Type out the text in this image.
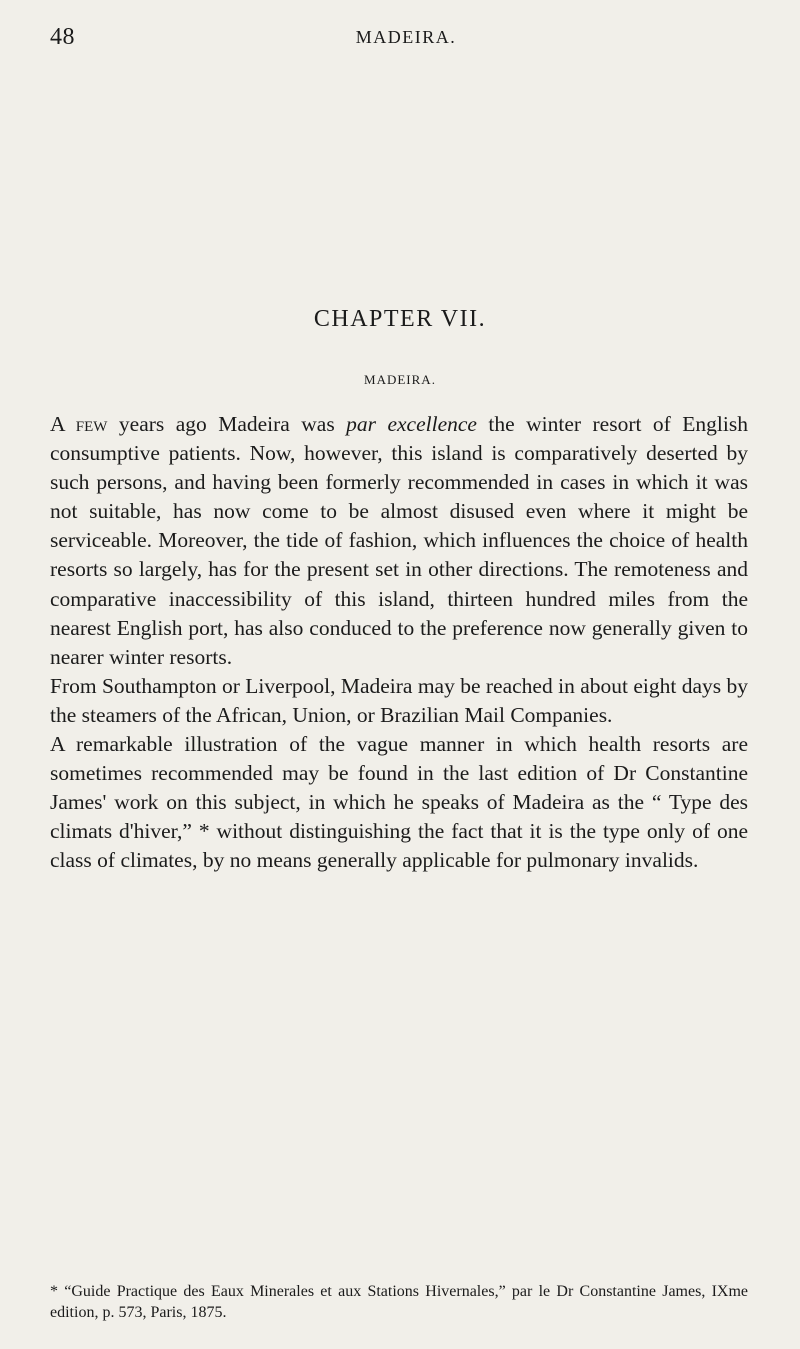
48	MADEIRA.
CHAPTER VII.
MADEIRA.

A few years ago Madeira was par excellence the winter resort of English consumptive patients. Now, however, this island is comparatively deserted by such persons, and having been formerly recommended in cases in which it was not suitable, has now come to be almost disused even where it might be serviceable. Moreover, the tide of fashion, which influences the choice of health resorts so largely, has for the present set in other directions. The remoteness and comparative inaccessibility of this island, thirteen hundred miles from the nearest English port, has also conduced to the preference now generally given to nearer winter resorts.

From Southampton or Liverpool, Madeira may be reached in about eight days by the steamers of the African, Union, or Brazilian Mail Companies.

A remarkable illustration of the vague manner in which health resorts are sometimes recommended may be found in the last edition of Dr Constantine James' work on this subject, in which he speaks of Madeira as the “ Type des climats d'hiver,” * without distinguishing the fact that it is the type only of one class of climates, by no means generally applicable for pulmonary invalids.

* “Guide Practique des Eaux Minerales et aux Stations Hivernales,” par le Dr Constantine James, IXme edition, p. 573, Paris, 1875.
